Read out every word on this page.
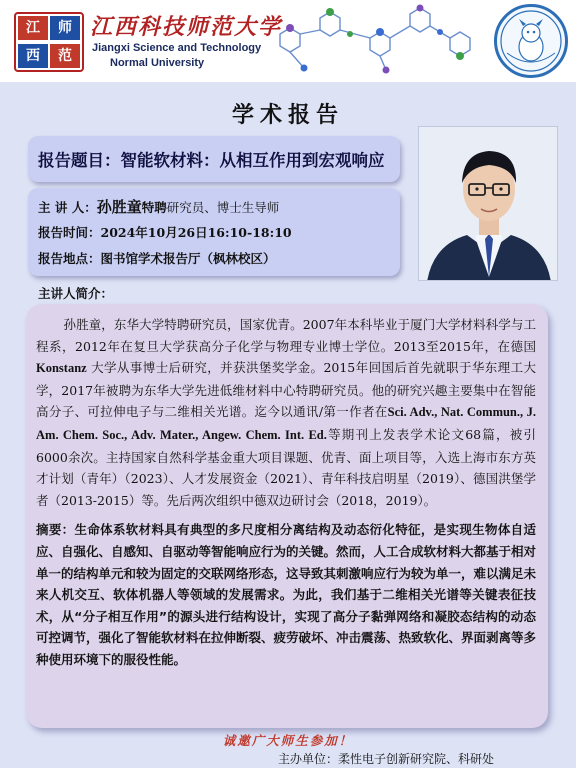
江	师
西	范
江西科技师范大学
Jiangxi Science and Technology
Normal University
学术报告
报告题目：智能软材料：从相互作用到宏观响应
主 讲 人：孙胜童特聘研究员、博士生导师
报告时间：2024年10月26日16:10-18:10
报告地点：图书馆学术报告厅（枫林校区）
主讲人简介：

孙胜童，东华大学特聘研究员，国家优青。2007年本科毕业于厦门大学材料科学与工程系，2012年在复旦大学获高分子化学与物理专业博士学位。2013至2015年，在德国Konstanz 大学从事博士后研究，并获洪堡奖学金。2015年回国后首先就职于华东理工大学，2017年被聘为东华大学先进低维材料中心特聘研究员。他的研究兴趣主要集中在智能高分子、可拉伸电子与二维相关光谱。迄今以通讯/第一作者在Sci. Adv., Nat. Commun., J. Am. Chem. Soc., Adv. Mater., Angew. Chem. Int. Ed.等期刊上发表学术论文68篇，被引6000余次。主持国家自然科学基金重大项目课题、优青、面上项目等，入选上海市东方英才计划（青年）（2023）、人才发展资金（2021）、青年科技启明星（2019）、德国洪堡学者（2013-2015）等。先后两次组织中德双边研讨会（2018，2019）。

摘要：生命体系软材料具有典型的多尺度相分离结构及动态衍化特征，是实现生物体自适应、自强化、自感知、自驱动等智能响应行为的关键。然而，人工合成软材料大都基于相对单一的结构单元和较为固定的交联网络形态，这导致其刺激响应行为较为单一，难以满足未来人机交互、软体机器人等领域的发展需求。为此，我们基于二维相关光谱等关键表征技术，从“分子相互作用”的源头进行结构设计，实现了高分子黏弹网络和凝胶态结构的动态可控调节，强化了智能软材料在拉伸断裂、疲劳破坏、冲击震荡、热致软化、界面剥离等多种使用环境下的服役性能。

诚邀广大师生参加！
主办单位：柔性电子创新研究院、科研处
